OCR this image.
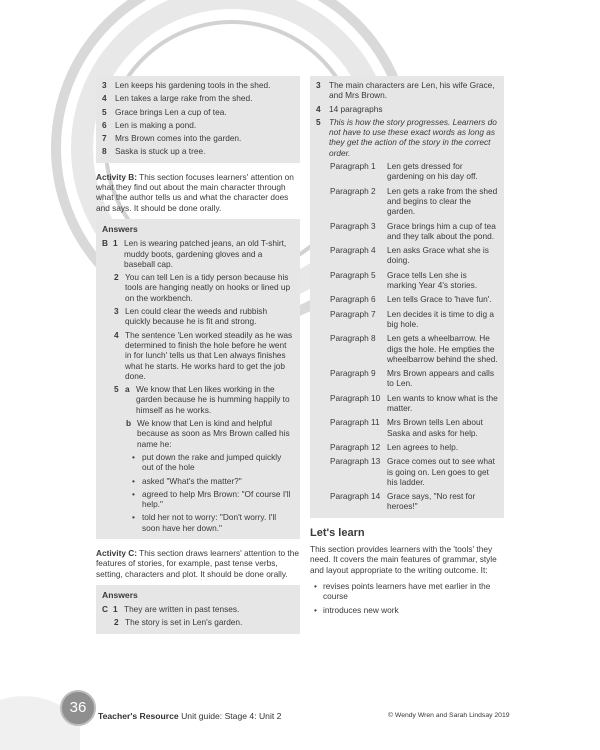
3	Len keeps his gardening tools in the shed.
4	Len takes a large rake from the shed.
5	Grace brings Len a cup of tea.
6	Len is making a pond.
7	Mrs Brown comes into the garden.
8	Saska is stuck up a tree.

Activity B: This section focuses learners' attention on what they find out about the main character through what the author tells us and what the character does and says. It should be done orally.

Answers
B 1 Len is wearing patched jeans, an old T-shirt, muddy boots, gardening gloves and a baseball cap.
2 You can tell Len is a tidy person because his tools are hanging neatly on hooks or lined up on the workbench.
3 Len could clear the weeds and rubbish quickly because he is fit and strong.
4 The sentence 'Len worked steadily as he was determined to finish the hole before he went in for lunch' tells us that Len always finishes what he starts. He works hard to get the job done.
5 a We know that Len likes working in the garden because he is humming happily to himself as he works.
b We know that Len is kind and helpful because as soon as Mrs Brown called his name he:
• put down the rake and jumped quickly out of the hole
• asked "What's the matter?"
• agreed to help Mrs Brown: "Of course I'll help."
• told her not to worry: "Don't worry. I'll soon have her down."

Activity C: This section draws learners' attention to the features of stories, for example, past tense verbs, setting, characters and plot. It should be done orally.

Answers
C 1 They are written in past tenses.
2 The story is set in Len's garden.
3	The main characters are Len, his wife Grace, and Mrs Brown.
4	14 paragraphs
5	This is how the story progresses. Learners do not have to use these exact words as long as they get the action of the story in the correct order.
Paragraph 1	Len gets dressed for gardening on his day off.
Paragraph 2	Len gets a rake from the shed and begins to clear the garden.
Paragraph 3	Grace brings him a cup of tea and they talk about the pond.
Paragraph 4	Len asks Grace what she is doing.
Paragraph 5	Grace tells Len she is marking Year 4's stories.
Paragraph 6	Len tells Grace to 'have fun'.
Paragraph 7	Len decides it is time to dig a big hole.
Paragraph 8	Len gets a wheelbarrow. He digs the hole. He empties the wheelbarrow behind the shed.
Paragraph 9	Mrs Brown appears and calls to Len.
Paragraph 10 Len wants to know what is the matter.
Paragraph 11 Mrs Brown tells Len about Saska and asks for help.
Paragraph 12 Len agrees to help.
Paragraph 13 Grace comes out to see what is going on. Len goes to get his ladder.
Paragraph 14 Grace says, "No rest for heroes!"
Let's learn

This section provides learners with the 'tools' they need. It covers the main features of grammar, style and layout appropriate to the writing outcome. It:

• revises points learners have met earlier in the course
• introduces new work
36	Teacher's Resource Unit guide: Stage 4: Unit 2	© Wendy Wren and Sarah Lindsay 2019
